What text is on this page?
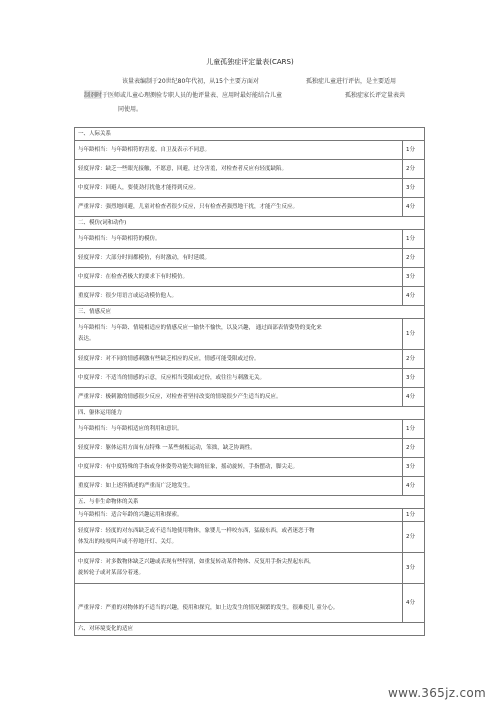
儿童孤独症评定量表(CARS)
该量表编制于20世纪80年代初，从15个主要方面对	孤独症儿童进行评估，是主要适用
制剂时 于医师或儿童心理测验专职人员的他评量表、应用时最好能结合儿童	孤独症家长评定量表共
同使用。
一、人际关系	
与年龄相当：与年龄相符的害羞、自卫及表示不同意。	1分
轻度异常：缺乏一些眼光接触，不愿意，回避，过分害羞，对检查者反应有轻度缺陷。	2分
中度异常：回避人，要使劲打扰他才能得到反应。	3分
严重异常：强烈地回避，儿童对检查者很少反应，只有检查者强烈地干扰，才能产生反应。	4分
二、模仿(词和动作)	
与年龄相当：与年龄相符的模仿。	1分
轻度异常：大部分时间都模仿，有时激动，有时延缓。	2分
中度异常：在检查者极大的要求下有时模仿。	3分
重度异常：很少用语言或运动模仿他人。	4分
三、情感反应	

与年龄相当：与年龄、情境相适应的情感反应一愉快不愉快，以及兴趣， 通过面部表情姿势的变化来
表达。	1分
轻度异常：对不同的情感刺激有些缺乏相应的反应，情感可能受限或过份。	2分
中度异常：不适当的情感的示意，反应相当受限或过份，或往往与刺激无关。	3分
严重异常：极刺激的情感很少反应，对检查者坚持改变的情境很少产生适当的反应。	4分
四、躯体运用能力	
与年龄相当：与年龄相适应的利用和意识。	1分
轻度异常：躯体运用方面有点特殊 一某些刻板运动，笨拙，缺乏协调性。	2分
中度异常：有中度特殊的手指或身体姿势功能失调的征象，摇动旋转，手指摆动，脚尖走。	3分
重度异常：如上述所描述的严重而广泛地发生。	4分
五、与非生命物体的关系	
与年龄相当：适合年龄的兴趣运用和探索。	1分

轻度异常：轻度的对东西缺乏或不适当地使用物体，象婴儿一样咬东西，猛敲东西，或者迷恋于物
体发出的吱吱叫声或不停地开灯、关灯。	2分

中度异常：对多数物体缺乏兴趣或表现有些特别，如重复转动某件物体、反复用手指尖捏起东西，
旋转轮子或对某部分着迷。	3分

严重异常：严重的对物体的不适当的兴趣，使用和探究，如上边发生的情况频繁的发生，很难使儿 童分心。	4分
六、对环境变化的适应	
www.365jz.com
